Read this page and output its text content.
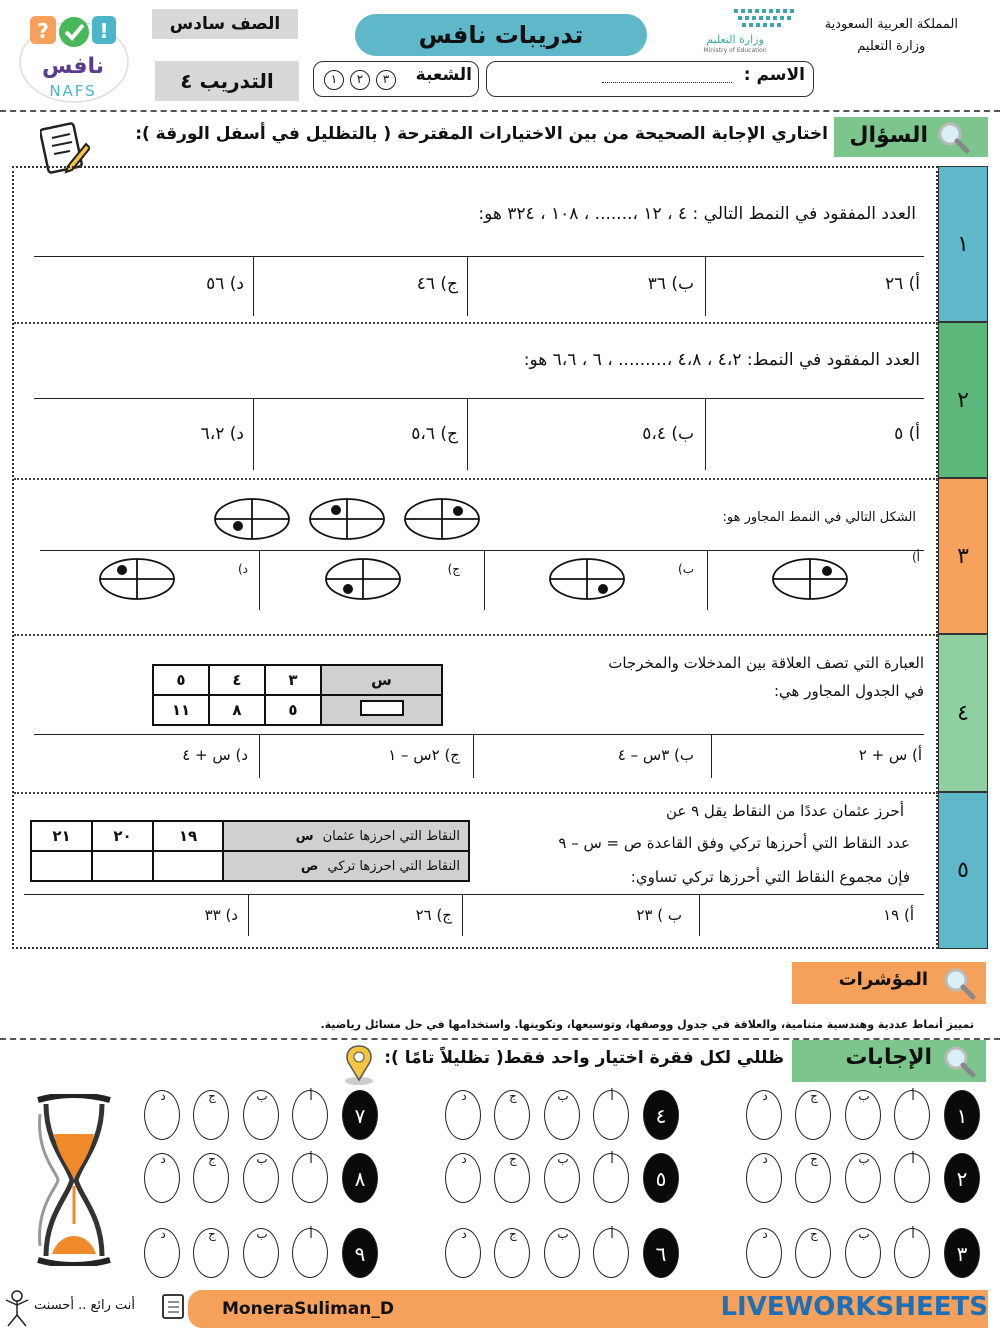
المملكة العربية السعودية
وزارة التعليم
وزارة التعليم
Ministry of Education
تدريبات نافس
الصف سادس
التدريب ٤
?	!
نافس
NAFS
الشعبة
٣
٢
١	الاسم :
السؤال
اختاري الإجابة الصحيحة من بين الاختيارات المقترحة ( بالتظليل في أسفل الورقة ):
١
٢
٣
٤
٥
العدد المفقود في النمط التالي : ٤ ، ١٢ ،....... ، ١٠٨ ، ٣٢٤ هو:
أ) ٢٦
ب) ٣٦
ج) ٤٦
د) ٥٦
العدد المفقود في النمط: ٤،٢ ، ٤،٨ ،......... ، ٦ ، ٦،٦ هو:
أ) ٥
ب) ٥،٤
ج) ٥،٦
د) ٦،٢
الشكل التالي في النمط المجاور هو:
أ)
ب)
ج)
د)
العبارة التي تصف العلاقة بين المدخلات والمخرجات
في الجدول المجاور هي:
٥	٤	٣	س
١١	٨	٥	
أ) س + ٢
ب) ٣س – ٤
ج) ٢س – ١
د) س + ٤
أحرز عثمان عددًا من النقاط يقل ٩ عن
عدد النقاط التي أحرزها تركي وفق القاعدة ص = س – ٩
فإن مجموع النقاط التي أحرزها تركي تساوي:
٢١	٢٠	١٩	النقاط التي احرزها عثمان  س
			النقاط التي احرزها تركي  ص
أ) ١٩
ب ) ٢٣
ج) ٢٦
د) ٣٣
المؤشرات
تمييز أنماط عددية وهندسية متنامية، والعلاقة في جدول ووصفها، وتوسيعها، وتكوينها. واستخدامها في حل مسائل رياضية.
الإجابات
ظللي لكل فقرة اختيار واحد فقط( تظليلاً تامًا ):
١
أ
ب
ج
د
٢
أ
ب
ج
د
٣
أ
ب
ج
د
٤
أ
ب
ج
د
٥
أ
ب
ج
د
٦
أ
ب
ج
د
٧
أ
ب
ج
د
٨
أ
ب
ج
د
٩
أ
ب
ج
د
MoneraSuliman_D	LIVEWORKSHEETS
أنت رائع .. أحسنت
